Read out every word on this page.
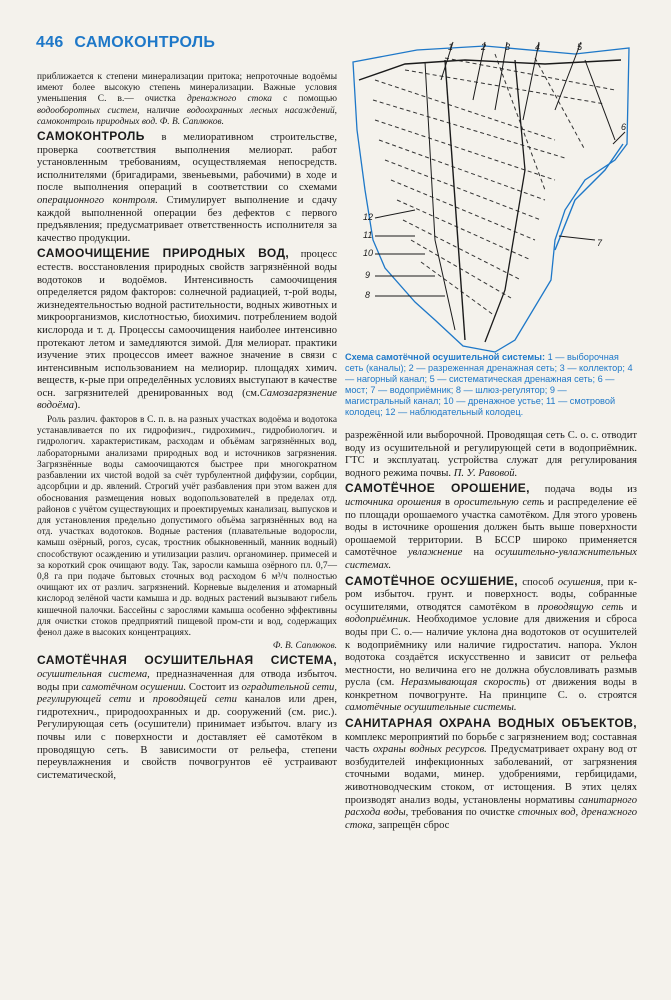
446 САМОКОНТРОЛЬ

приближается к степени минерализации притока; непроточные водоёмы имеют более высокую степень минерализации. Важные условия уменьшения С. в.— очистка дренажного стока с помощью водооборотных систем, наличие водоохранных лесных насаждений, самоконтроль природных вод. Ф. В. Саплюков.

САМОКОНТРОЛЬ в мелиоративном строительстве, проверка соответствия выполнения мелиорат. работ установленным требованиям, осуществляемая непосредств. исполнителями (бригадирами, звеньевыми, рабочими) в ходе и после выполнения операций в соответствии со схемами операционного контроля. Стимулирует выполнение и сдачу каждой выполненной операции без дефектов с первого предъявления; предусматривает ответственность исполнителя за качество продукции.

САМООЧИЩЕНИЕ ПРИРОДНЫХ ВОД, процесс естеств. восстановления природных свойств загрязнённой воды водотоков и водоёмов. Интенсивность самоочищения определяется рядом факторов: солнечной радиацией, т-рой воды, жизнедеятельностью водной растительности, водных животных и микроорганизмов, кислотностью, биохимич. потреблением водой кислорода и т. д. Процессы самоочищения наиболее интенсивно протекают летом и замедляются зимой. Для мелиорат. практики изучение этих процессов имеет важное значение в связи с интенсивным использованием на мелиорир. площадях химич. веществ, к-рые при определённых условиях выступают в качестве осн. загрязнителей дренированных вод (см.Самозагрязнение водоёма).

Роль различ. факторов в С. п. в. на разных участках водоёма и водотока устанавливается по их гидрофизич., гидрохимич., гидробиологич. и гидрологич. характеристикам, расходам и объёмам загрязнённых вод, лабораторными анализами природных вод и источников загрязнения. Загрязнённые воды самоочищаются быстрее при многократном разбавлении их чистой водой за счёт турбулентной диффузии, сорбции, адсорбции и др. явлений. Строгий учёт разбавления при этом важен для обоснования размещения новых водопользователей в пределах отд. районов с учётом существующих и проектируемых канализац. выпусков и для установления предельно допустимого объёма загрязнённых вод на отд. участках водотоков. Водные растения (плавательные водоросли, камыш озёрный, рогоз, сусак, тростник обыкновенный, манник водный) способствуют осаждению и утилизации различ. органоминер. примесей и за короткий срок очищают воду. Так, заросли камыша озёрного пл. 0,7—0,8 га при подаче бытовых сточных вод расходом 6 м³/ч полностью очищают их от различ. загрязнений. Корневые выделения и атомарный кислород зелёной части камыша и др. водных растений вызывают гибель кишечной палочки. Бассейны с зарослями камыша особенно эффективны для очистки стоков предприятий пищевой пром-сти и вод, содержащих фенол даже в высоких концентрациях.

Ф. В. Саплюков.

САМОТЁЧНАЯ ОСУШИТЕЛЬНАЯ СИСТЕМА, осушительная система, предназначенная для отвода избыточ. воды при самотёчном осушении. Состоит из оградительной сети, регулирующей сети и проводящей сети каналов или дрен, гидротехнич., природоохранных и др. сооружений (см. рис.). Регулирующая сеть (осушители) принимает избыточ. влагу из почвы или с поверхности и доставляет её самотёком в проводящую сеть. В зависимости от рельефа, степени переувлажнения и свойств почвогрунтов её устраивают систематической,

1	2 3	4	5
6
7
8
9
10
11
12
Схема самотёчной осушительной системы: 1 — выборочная сеть (каналы); 2 — разреженная дренажная сеть; 3 — коллектор; 4 — нагорный канал; 5 — систематическая дренажная сеть; 6 — мост; 7 — водоприёмник; 8 — шлюз-регулятор; 9 — магистральный канал; 10 — дренажное устье; 11 — смотровой колодец; 12 — наблюдательный колодец.

разрежённой или выборочной. Проводящая сеть С. о. с. отводит воду из осушительной и регулирующей сети в водоприёмник. ГТС и эксплуатац. устройства служат для регулирования водного режима почвы. П. У. Равовой.

САМОТЁЧНОЕ ОРОШЕНИЕ, подача воды из источника орошения в оросительную сеть и распределение её по площади орошаемого участка самотёком. Для этого уровень воды в источнике орошения должен быть выше поверхности орошаемой территории. В БССР широко применяется самотёчное увлажнение на осушительно-увлажнительных системах.

САМОТЁЧНОЕ ОСУШЕНИЕ, способ осушения, при к-ром избыточ. грунт. и поверхност. воды, собранные осушителями, отводятся самотёком в проводящую сеть и водоприёмник. Необходимое условие для движения и сброса воды при С. о.— наличие уклона дна водотоков от осушителей к водоприёмнику или наличие гидростатич. напора. Уклон водотока создаётся искусственно и зависит от рельефа местности, но величина его не должна обусловливать размыв русла (см. Неразмывающая скорость) от движения воды в конкретном почвогрунте. На принципе С. о. строятся самотёчные осушительные системы.

САНИТАРНАЯ ОХРАНА ВОДНЫХ ОБЪЕКТОВ, комплекс мероприятий по борьбе с загрязнением вод; составная часть охраны водных ресурсов. Предусматривает охрану вод от возбудителей инфекционных заболеваний, от загрязнения сточными водами, минер. удобрениями, гербицидами, животноводческим стоком, от истощения. В этих целях производят анализ воды, установлены нормативы санитарного расхода воды, требования по очистке сточных вод, дренажного стока, запрещён сброс
